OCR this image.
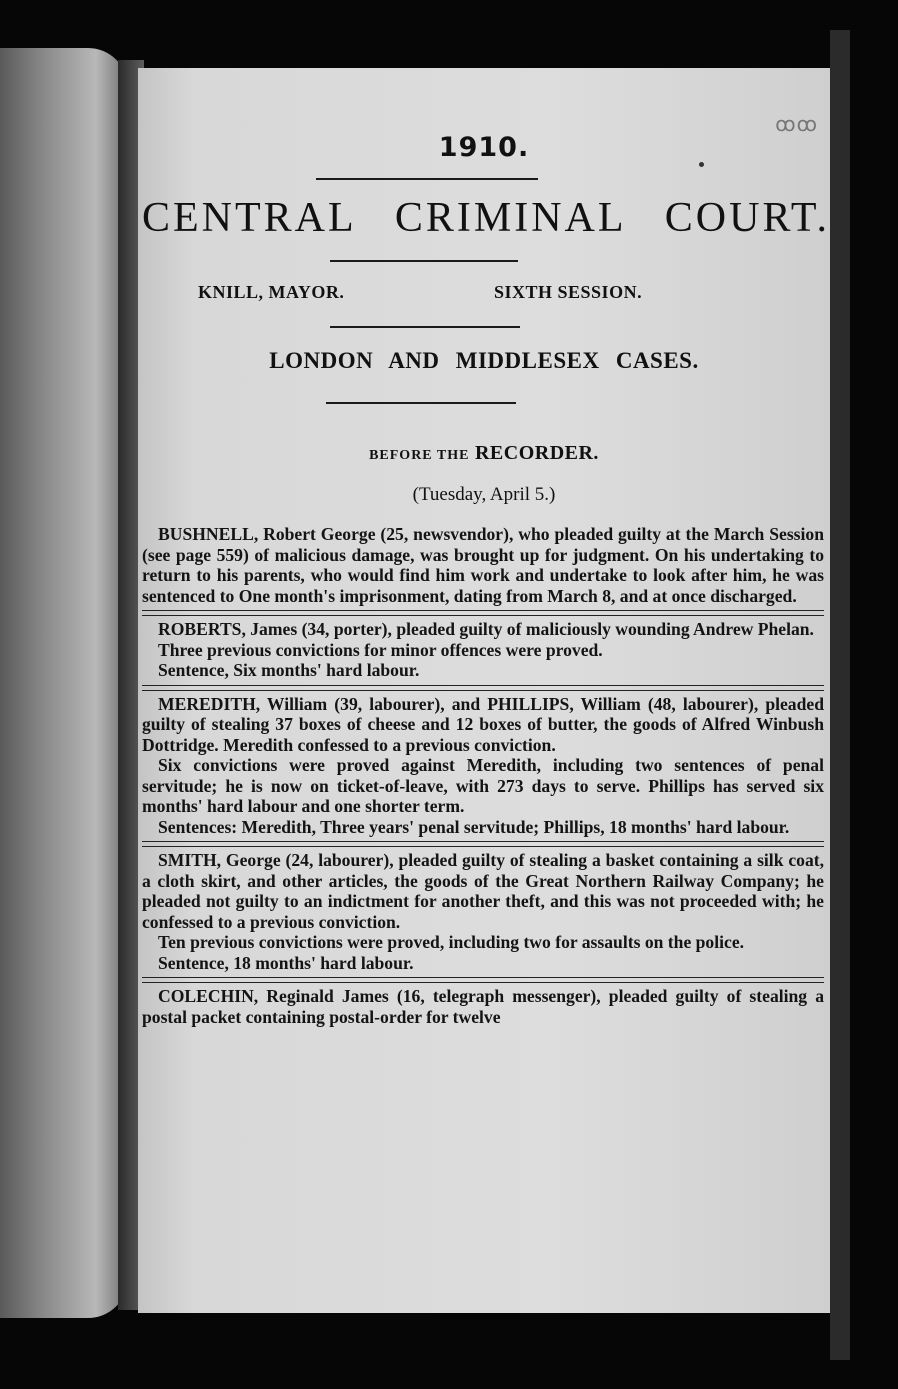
ꝏꝏ
1910.
CENTRAL CRIMINAL COURT.
KNILL, MAYOR.	SIXTH SESSION.
LONDON AND MIDDLESEX CASES.
BEFORE THE RECORDER.
(Tuesday, April 5.)

BUSHNELL, Robert George (25, newsvendor), who pleaded guilty at the March Session (see page 559) of malicious damage, was brought up for judgment. On his undertaking to return to his parents, who would find him work and undertake to look after him, he was sentenced to One month's imprisonment, dating from March 8, and at once discharged.

ROBERTS, James (34, porter), pleaded guilty of maliciously wounding Andrew Phelan.

Three previous convictions for minor offences were proved.

Sentence, Six months' hard labour.

MEREDITH, William (39, labourer), and PHILLIPS, William (48, labourer), pleaded guilty of stealing 37 boxes of cheese and 12 boxes of butter, the goods of Alfred Winbush Dottridge. Meredith confessed to a previous conviction.

Six convictions were proved against Meredith, including two sentences of penal servitude; he is now on ticket-of-leave, with 273 days to serve. Phillips has served six months' hard labour and one shorter term.

Sentences: Meredith, Three years' penal servitude; Phillips, 18 months' hard labour.

SMITH, George (24, labourer), pleaded guilty of stealing a basket containing a silk coat, a cloth skirt, and other articles, the goods of the Great Northern Railway Company; he pleaded not guilty to an indictment for another theft, and this was not proceeded with; he confessed to a previous conviction.

Ten previous convictions were proved, including two for assaults on the police.

Sentence, 18 months' hard labour.

COLECHIN, Reginald James (16, telegraph messenger), pleaded guilty of stealing a postal packet containing postal-order for twelve
